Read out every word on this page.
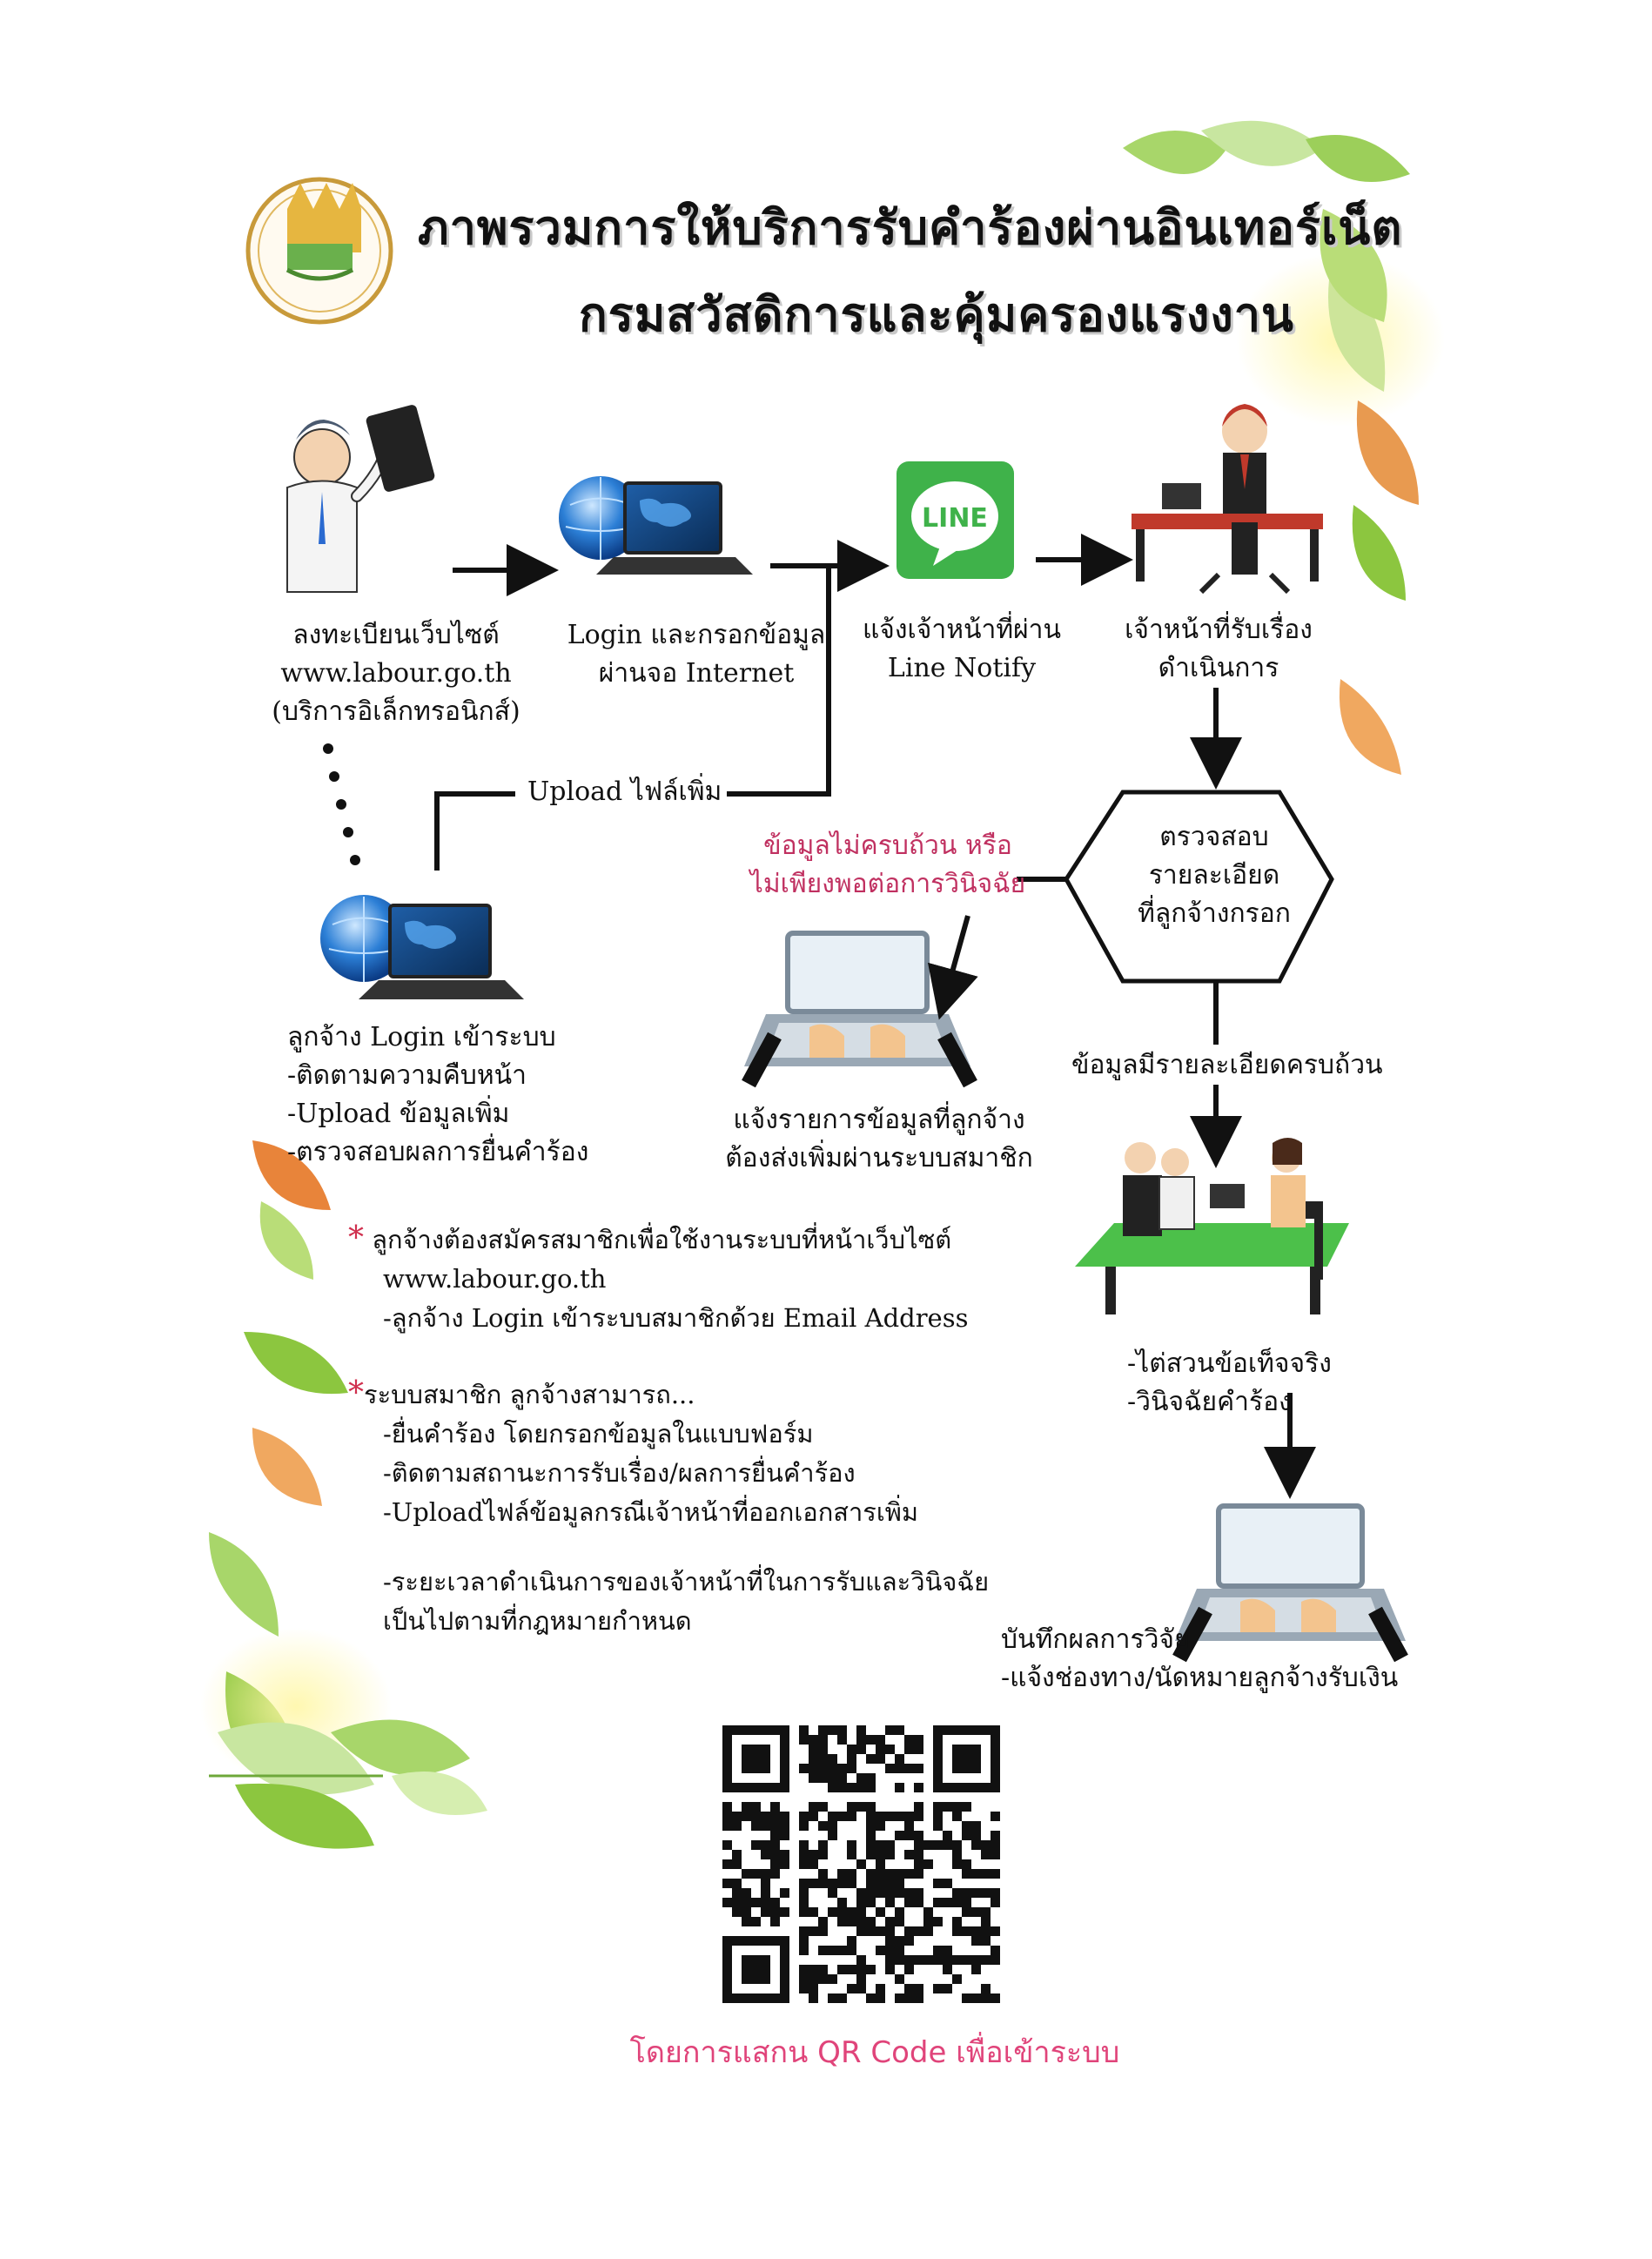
LINE
ภาพรวมการให้บริการรับคำร้องผ่านอินเทอร์เน็ต
กรมสวัสดิการและคุ้มครองแรงงาน
ลงทะเบียนเว็บไซต์
www.labour.go.th
(บริการอิเล็กทรอนิกส์)
Login และกรอกข้อมูล
ผ่านจอ Internet
แจ้งเจ้าหน้าที่ผ่าน
Line Notify
เจ้าหน้าที่รับเรื่อง
ดำเนินการ
Upload ไฟล์เพิ่ม
ตรวจสอบ
รายละเอียด
ที่ลูกจ้างกรอก
ข้อมูลไม่ครบถ้วน หรือ
ไม่เพียงพอต่อการวินิจฉัย
แจ้งรายการข้อมูลที่ลูกจ้าง
ต้องส่งเพิ่มผ่านระบบสมาชิก
ลูกจ้าง Login เข้าระบบ
-ติดตามความคืบหน้า
-Upload ข้อมูลเพิ่ม
-ตรวจสอบผลการยื่นคำร้อง
ข้อมูลมีรายละเอียดครบถ้วน
-ไต่สวนข้อเท็จจริง
-วินิจฉัยคำร้อง
บันทึกผลการวิจัย
-แจ้งช่องทาง/นัดหมายลูกจ้างรับเงิน
* ลูกจ้างต้องสมัครสมาชิกเพื่อใช้งานระบบที่หน้าเว็บไซต์
www.labour.go.th
-ลูกจ้าง Login เข้าระบบสมาชิกด้วย Email Address
*ระบบสมาชิก ลูกจ้างสามารถ...
-ยื่นคำร้อง โดยกรอกข้อมูลในแบบฟอร์ม
-ติดตามสถานะการรับเรื่อง/ผลการยื่นคำร้อง
-Uploadไฟล์ข้อมูลกรณีเจ้าหน้าที่ออกเอกสารเพิ่ม
-ระยะเวลาดำเนินการของเจ้าหน้าที่ในการรับและวินิจฉัย
เป็นไปตามที่กฎหมายกำหนด
โดยการแสกน QR Code เพื่อเข้าระบบ
